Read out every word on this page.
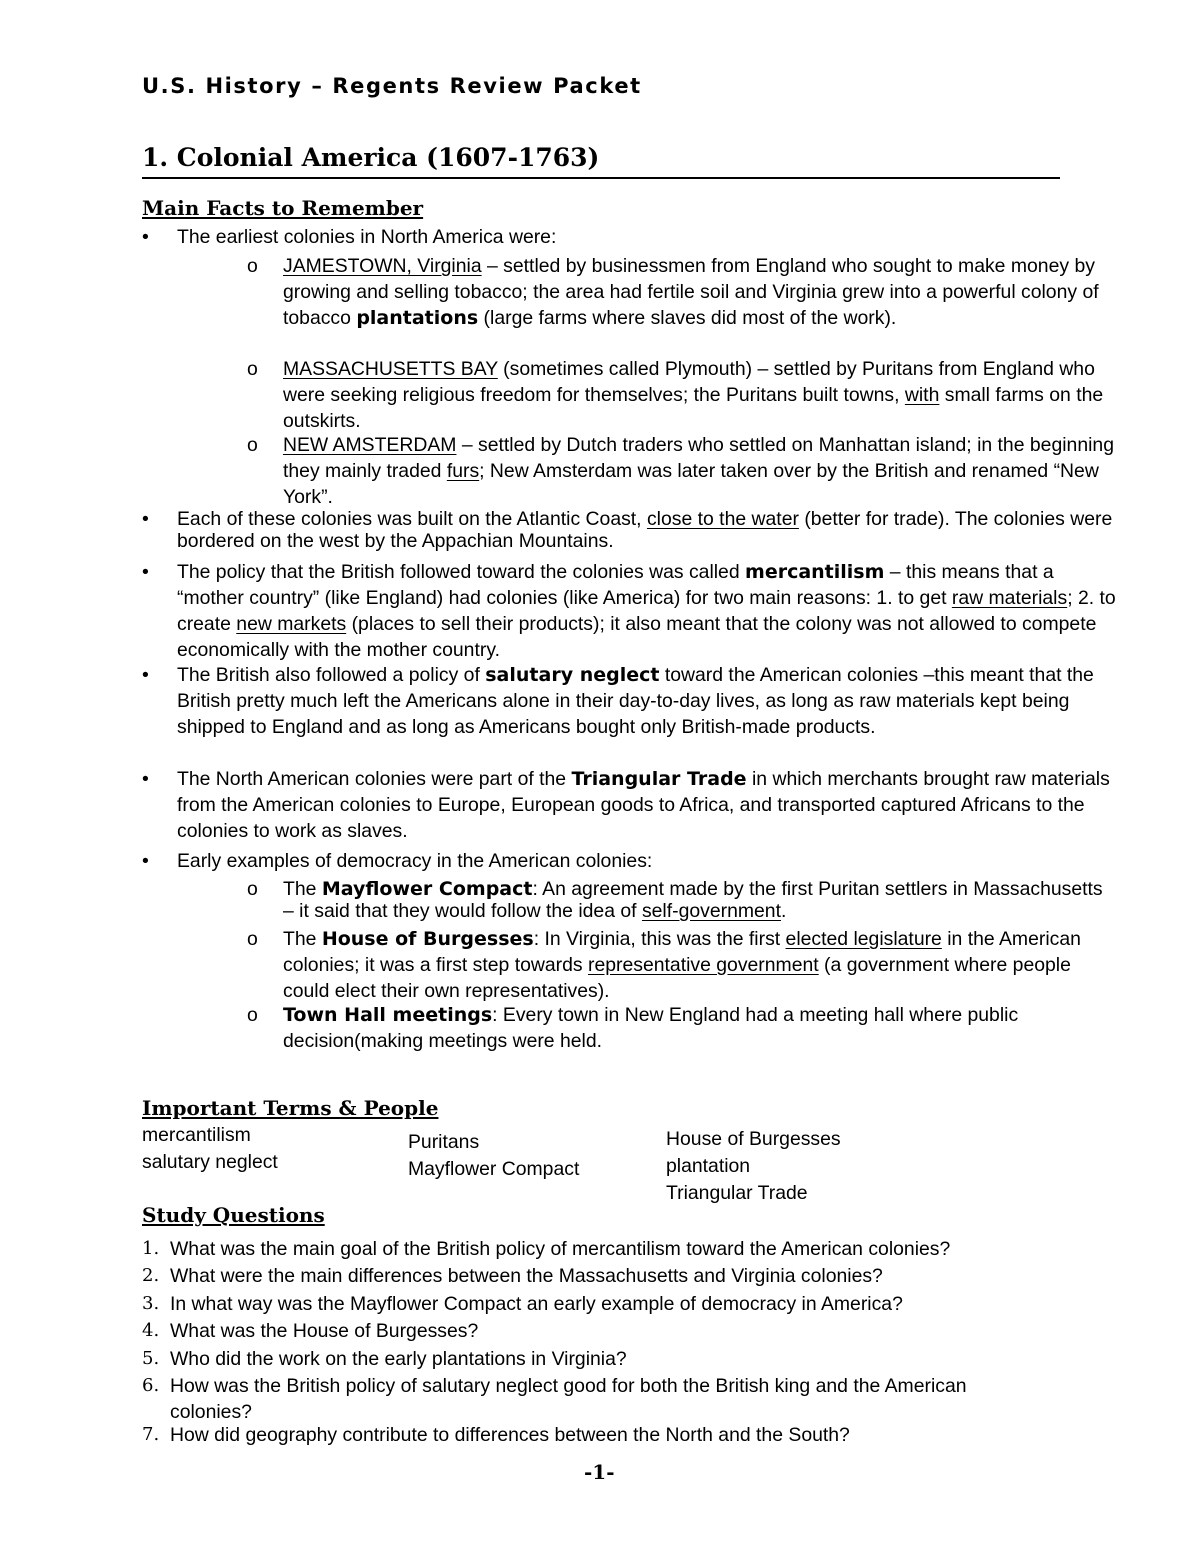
U.S. History – Regents Review Packet
1. Colonial America (1607-1763)
Main Facts to Remember
•	The earliest colonies in North America were:
o JAMESTOWN, Virginia – settled by businessmen from England who sought to make money by growing and selling tobacco; the area had fertile soil and Virginia grew into a powerful colony of tobacco plantations (large farms where slaves did most of the work).
o MASSACHUSETTS BAY (sometimes called Plymouth) – settled by Puritans from England who were seeking religious freedom for themselves; the Puritans built towns, with small farms on the outskirts.
o NEW AMSTERDAM – settled by Dutch traders who settled on Manhattan island; in the beginning they mainly traded furs; New Amsterdam was later taken over by the British and renamed “New York”.
•	Each of these colonies was built on the Atlantic Coast, close to the water (better for trade). The colonies were bordered on the west by the Appachian Mountains.
•	The policy that the British followed toward the colonies was called mercantilism – this means that a “mother country” (like England) had colonies (like America) for two main reasons: 1. to get raw materials; 2. to create new markets (places to sell their products); it also meant that the colony was not allowed to compete economically with the mother country.
•	The British also followed a policy of salutary neglect toward the American colonies –this meant that the British pretty much left the Americans alone in their day-to-day lives, as long as raw materials kept being shipped to England and as long as Americans bought only British-made products.
•	The North American colonies were part of the Triangular Trade in which merchants brought raw materials from the American colonies to Europe, European goods to Africa, and transported captured Africans to the colonies to work as slaves.
•	Early examples of democracy in the American colonies:
o The Mayflower Compact: An agreement made by the first Puritan settlers in Massachusetts – it said that they would follow the idea of self-government.
o The House of Burgesses: In Virginia, this was the first elected legislature in the American colonies; it was a first step towards representative government (a government where people could elect their own representatives).
o Town Hall meetings: Every town in New England had a meeting hall where public decision(making meetings were held.
Important Terms & People
mercantilism
salutary neglect
Puritans
Mayflower Compact
House of Burgesses
plantation
Triangular Trade
Study Questions
1. What was the main goal of the British policy of mercantilism toward the American colonies?
2. What were the main differences between the Massachusetts and Virginia colonies?
3. In what way was the Mayflower Compact an early example of democracy in America?
4. What was the House of Burgesses?
5. Who did the work on the early plantations in Virginia?
6. How was the British policy of salutary neglect good for both the British king and the American colonies?
7. How did geography contribute to differences between the North and the South?
-1-
